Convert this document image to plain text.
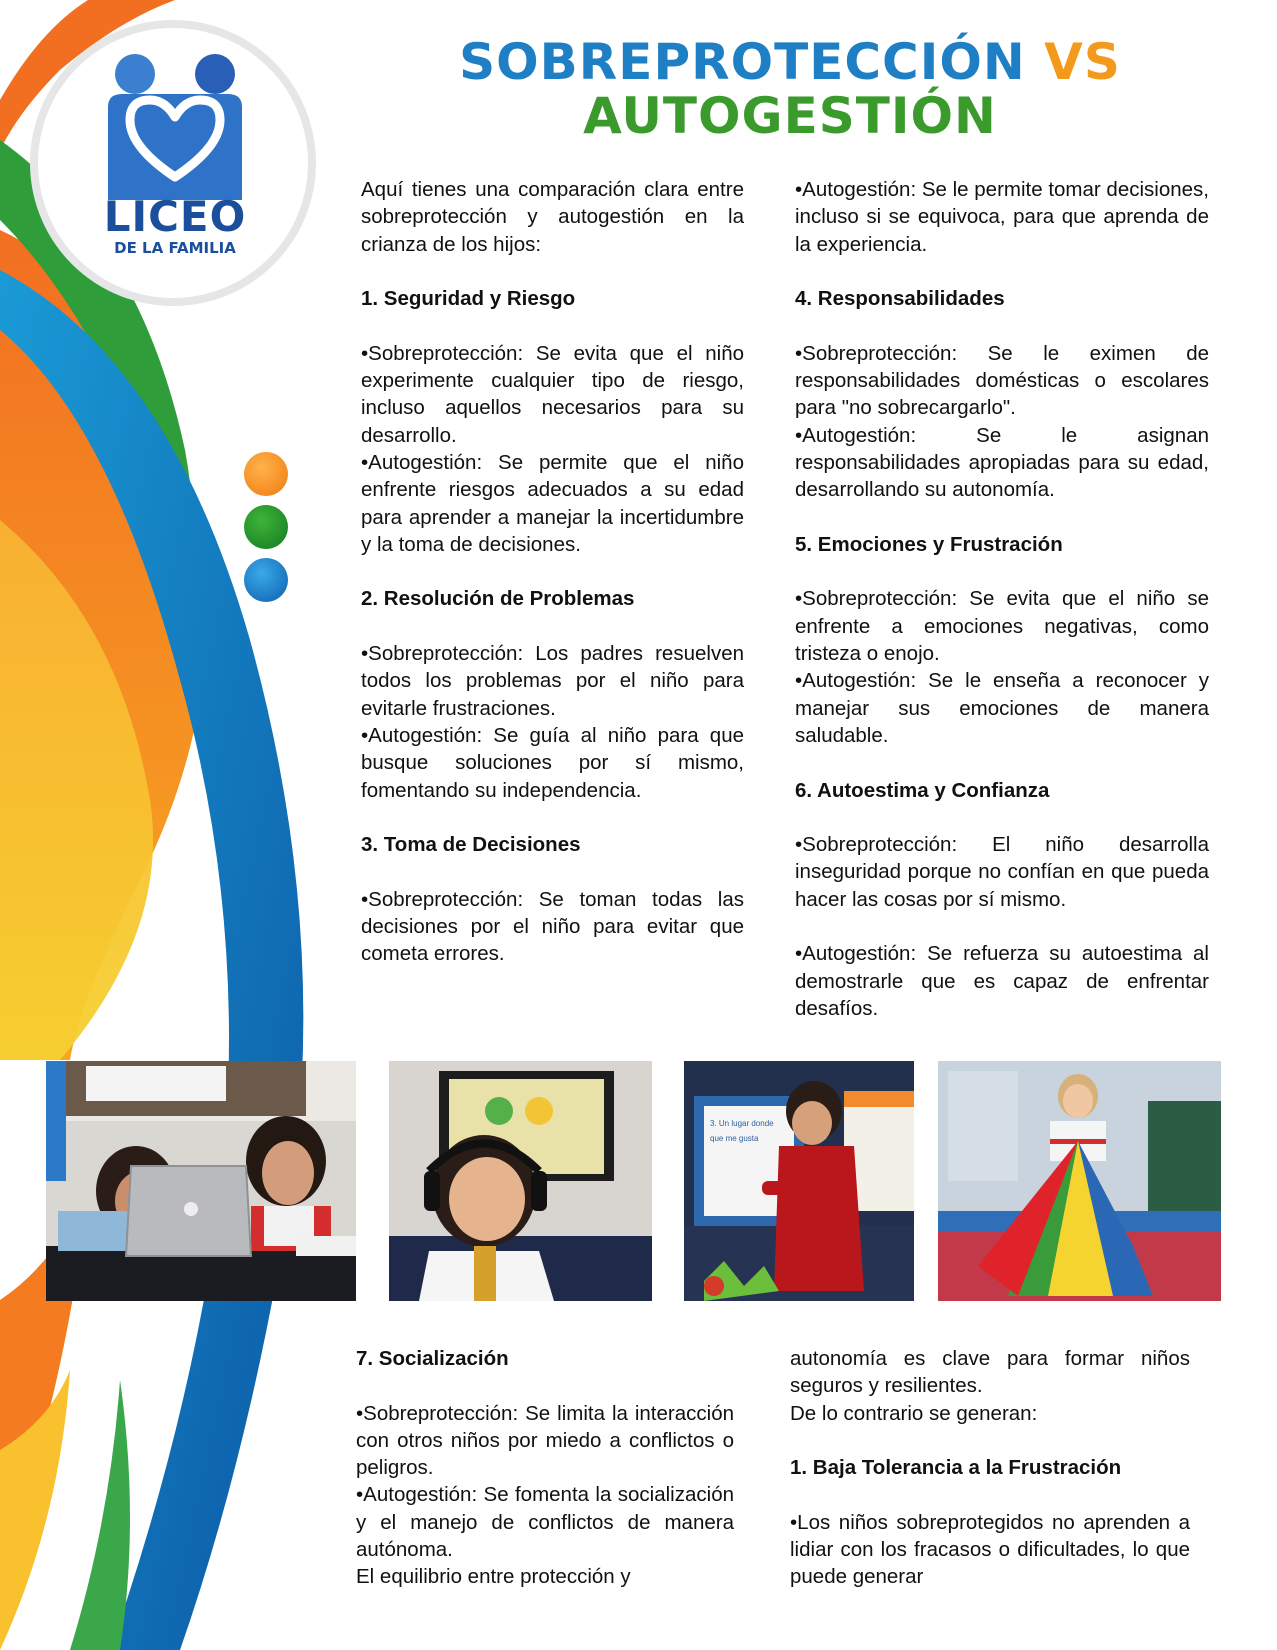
LICEO
DE LA FAMILIA
SOBREPROTECCIÓN VS
AUTOGESTIÓN

Aquí tienes una comparación clara entre sobreprotección y autogestión en la crianza de los hijos:

1. Seguridad y Riesgo

•Sobreprotección: Se evita que el niño experimente cualquier tipo de riesgo, incluso aquellos necesarios para su desarrollo.

•Autogestión: Se permite que el niño enfrente riesgos adecuados a su edad para aprender a manejar la incertidumbre y la toma de decisiones.

2. Resolución de Problemas

•Sobreprotección: Los padres resuelven todos los problemas por el niño para evitarle frustraciones.

•Autogestión: Se guía al niño para que busque soluciones por sí mismo, fomentando su independencia.

3. Toma de Decisiones

•Sobreprotección: Se toman todas las decisiones por el niño para evitar que cometa errores.

•Autogestión: Se le permite tomar decisiones, incluso si se equivoca, para que aprenda de la experiencia.

4. Responsabilidades

•Sobreprotección: Se le eximen de responsabilidades domésticas o escolares para "no sobrecargarlo".

•Autogestión: Se le asignan responsabilidades apropiadas para su edad, desarrollando su autonomía.

5. Emociones y Frustración

•Sobreprotección: Se evita que el niño se enfrente a emociones negativas, como tristeza o enojo.

•Autogestión: Se le enseña a reconocer y manejar sus emociones de manera saludable.

6. Autoestima y Confianza

•Sobreprotección: El niño desarrolla inseguridad porque no confían en que pueda hacer las cosas por sí mismo.

•Autogestión: Se refuerza su autoestima al demostrarle que es capaz de enfrentar desafíos.

3. Un lugar donde
que me gusta
7. Socialización

•Sobreprotección: Se limita la interacción con otros niños por miedo a conflictos o peligros.

•Autogestión: Se fomenta la socialización y el manejo de conflictos de manera autónoma.

El equilibrio entre protección y

autonomía es clave para formar niños seguros y resilientes.

De lo contrario se generan:

1. Baja Tolerancia a la Frustración

•Los niños sobreprotegidos no aprenden a lidiar con los fracasos o dificultades, lo que puede generar
